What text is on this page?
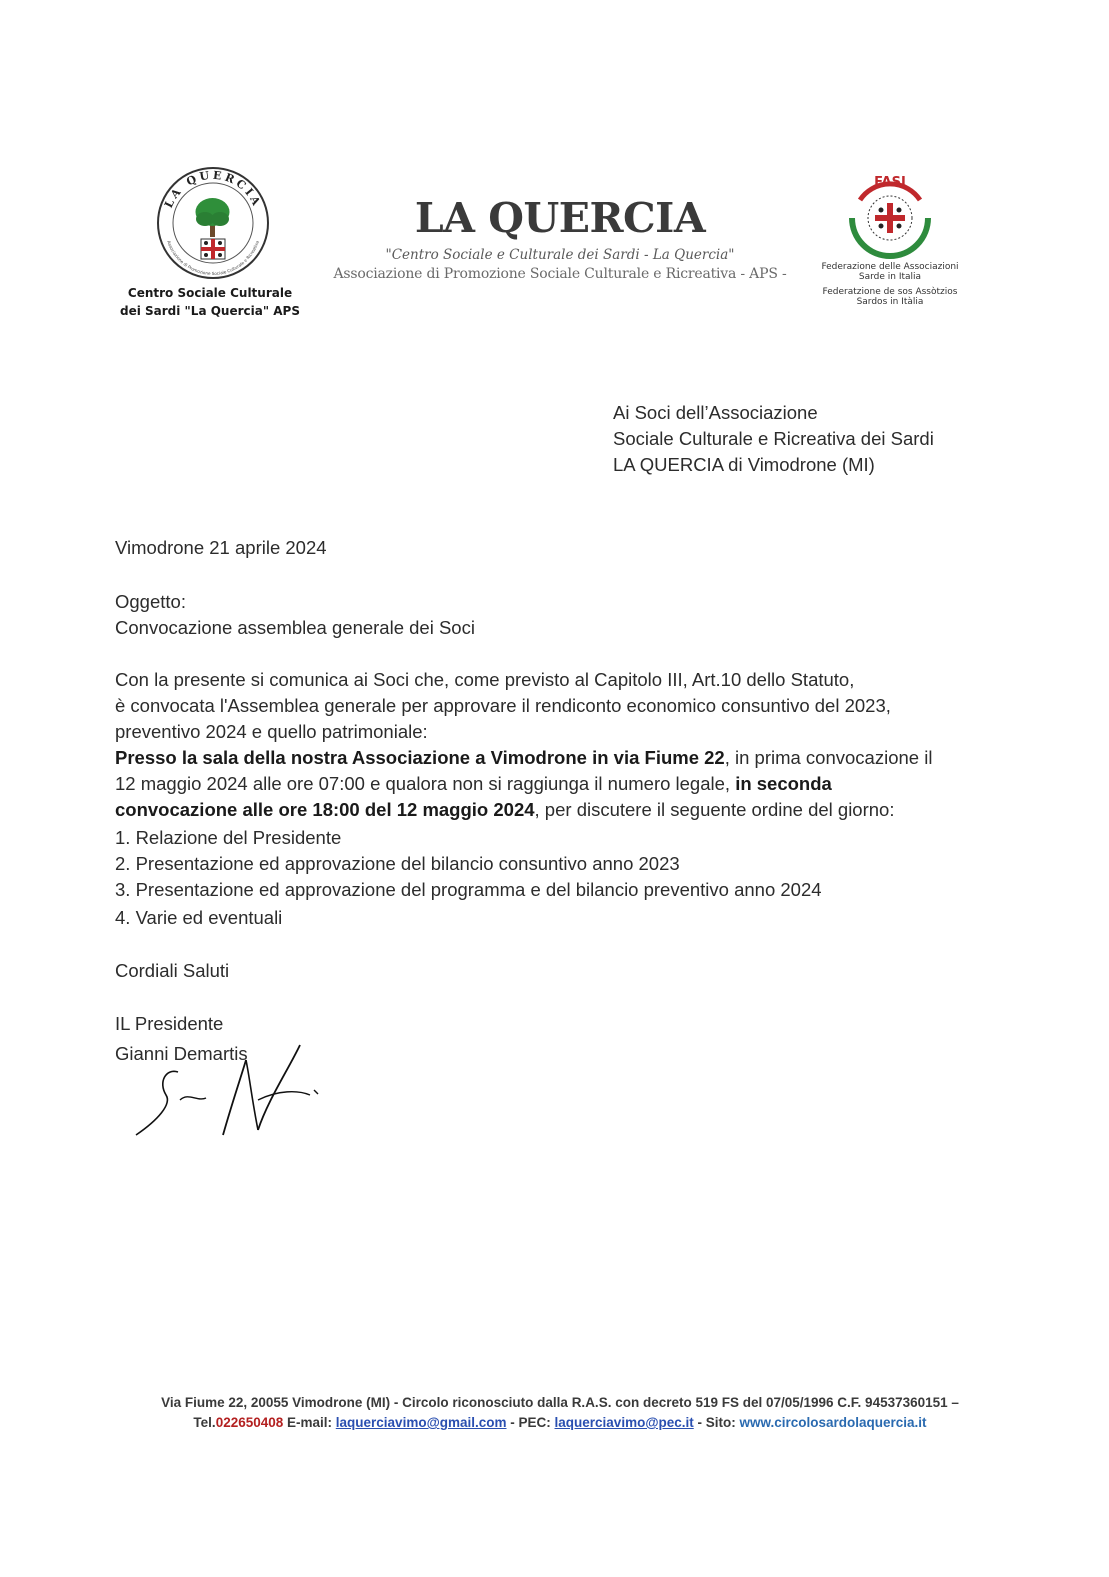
LA QUERCIA
Associazione di Promozione Sociale Culturale e Ricreativa
Centro Sociale Culturale
dei Sardi "La Quercia" APS
LA QUERCIA
"Centro Sociale e Culturale dei Sardi - La Quercia"
Associazione di Promozione Sociale Culturale e Ricreativa - APS -
FASI
Federazione delle Associazioni
Sarde in Italia
Federatzione de sos Assòtzios
Sardos in Itàlia
Ai Soci dell’Associazione
Sociale Culturale e Ricreativa dei Sardi
LA QUERCIA di Vimodrone (MI)
Vimodrone 21 aprile 2024
Oggetto:
Convocazione assemblea generale dei Soci
Con la presente si comunica ai Soci che, come previsto al Capitolo III, Art.10 dello Statuto,
è convocata l'Assemblea generale per approvare il rendiconto economico consuntivo del 2023,
preventivo 2024 e quello patrimoniale:
Presso la sala della nostra Associazione a Vimodrone in via Fiume 22, in prima convocazione il
12 maggio 2024 alle ore 07:00 e qualora non si raggiunga il numero legale, in seconda
convocazione alle ore 18:00 del 12 maggio 2024, per discutere il seguente ordine del giorno:
1. Relazione del Presidente
2. Presentazione ed approvazione del bilancio consuntivo anno 2023
3. Presentazione ed approvazione del programma e del bilancio preventivo anno 2024
4. Varie ed eventuali
Cordiali Saluti
IL Presidente
Gianni Demartis
Via Fiume 22, 20055 Vimodrone (MI) - Circolo riconosciuto dalla R.A.S. con decreto 519 FS del 07/05/1996 C.F. 94537360151 –
Tel.022650408 E-mail: laquerciavimo@gmail.com - PEC: laquerciavimo@pec.it - Sito: www.circolosardolaquercia.it
